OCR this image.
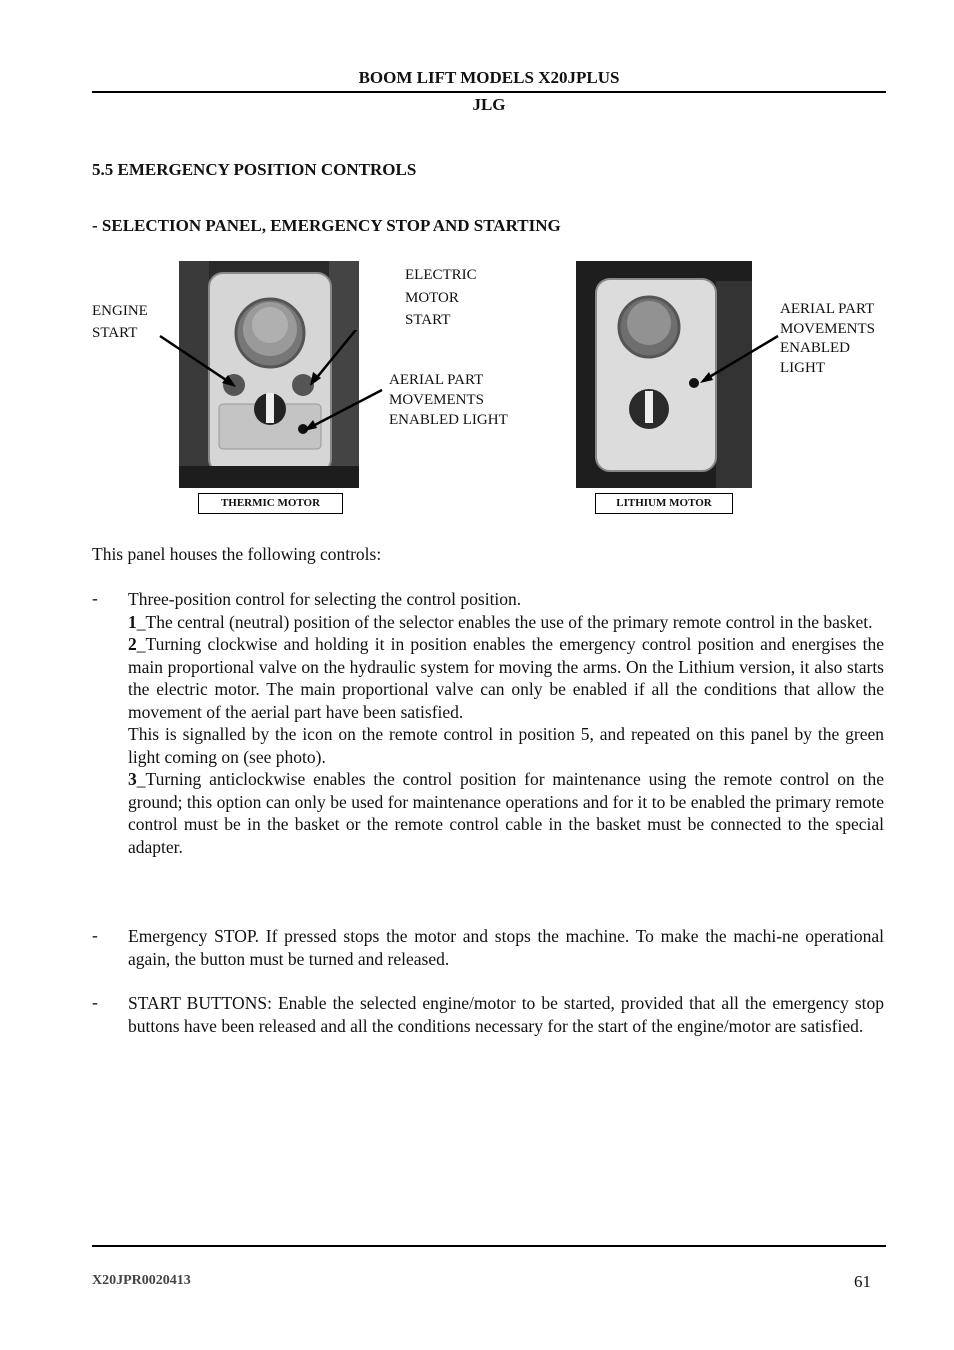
BOOM LIFT MODELS X20JPLUS
JLG
5.5 EMERGENCY POSITION CONTROLS
- SELECTION PANEL, EMERGENCY STOP AND STARTING
ENGINE
START
ELECTRIC
MOTOR
START
AERIAL PART
MOVEMENTS
ENABLED LIGHT
THERMIC MOTOR
AERIAL PART
MOVEMENTS
ENABLED
LIGHT
LITHIUM MOTOR
This panel houses the following controls:
- Three-position control for selecting the control position.

1_The central (neutral) position of the selector enables the use of the primary remote control in the basket.

2_Turning clockwise and holding it in position enables the emergency control position and energises the main proportional valve on the hydraulic system for moving the arms. On the Lithium version, it also starts the electric motor. The main proportional valve can only be enabled if all the conditions that allow the movement of the aerial part have been satisfied.

This is signalled by the icon on the remote control in position 5, and repeated on this panel by the green light coming on (see photo).

3_Turning anticlockwise enables the control position for maintenance using the remote control on the ground; this option can only be used for maintenance operations and for it to be enabled the primary remote control must be in the basket or the remote control cable in the basket must be connected to the special adapter.

- Emergency STOP. If pressed stops the motor and stops the machine. To make the machi-ne operational again, the button must be turned and released.
- START BUTTONS: Enable the selected engine/motor to be started, provided that all the emergency stop buttons have been released and all the conditions necessary for the start of the engine/motor are satisfied.
X20JPR0020413	61
